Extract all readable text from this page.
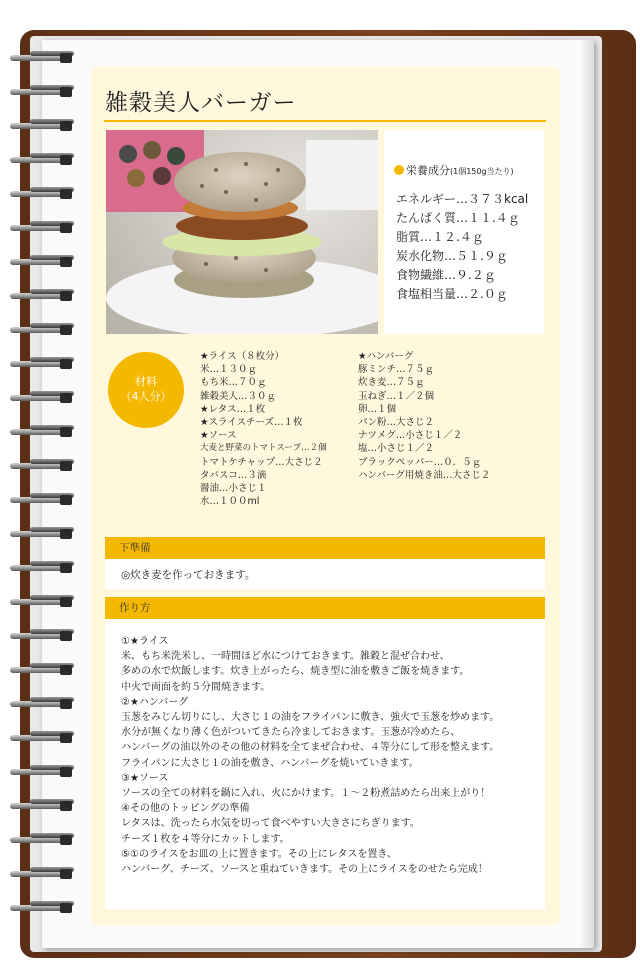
雑穀美人バーガー
栄養成分(1個150g当たり)
エネルギー…３７３kcal
たんぱく質…１１.４ｇ
脂質…１２.４ｇ
炭水化物…５１.９ｇ
食物繊維…９.２ｇ
食塩相当量…２.０ｇ
材料
（4人分）
★ライス（８枚分）
米…１３０ｇ
もち米…７０ｇ
雑穀美人…３０ｇ
★レタス…１枚
★スライスチーズ…１枚
★ソース
大麦と野菜のトマトスープ…２個
トマトケチャップ…大さじ２
タバスコ…３滴
醤油…小さじ１
水…１００ml
★ハンバーグ
豚ミンチ…７５ｇ
炊き麦…７５ｇ
玉ねぎ…１／２個
卵…１個
パン粉…大さじ２
ナツメグ…小さじ１／２
塩…小さじ１／２
ブラックペッパー…０．５ｇ
ハンバーグ用焼き油…大さじ２
下準備
◎炊き麦を作っておきます。
作り方
①★ライス
米、もち米洗米し、一時間ほど水につけておきます。雑穀と混ぜ合わせ、
多めの水で炊飯します。炊き上がったら、焼き型に油を敷きご飯を焼きます。
中火で両面を約５分間焼きます。
②★ハンバーグ
玉葱をみじん切りにし、大さじ１の油をフライパンに敷き、強火で玉葱を炒めます。
水分が無くなり薄く色がついてきたら冷ましておきます。玉葱が冷めたら、
ハンバーグの油以外のその他の材料を全てまぜ合わせ、４等分にして形を整えます。
フライパンに大さじ１の油を敷き、ハンバーグを焼いていきます。
③★ソース
ソースの全ての材料を鍋に入れ、火にかけます。１〜２粉煮詰めたら出来上がり！
④その他のトッピングの準備
レタスは、洗ったら水気を切って食べやすい大きさにちぎります。
チーズ１枚を４等分にカットします。
⑤①のライスをお皿の上に置きます。その上にレタスを置き、
ハンバーグ、チーズ、ソースと重ねていきます。その上にライスをのせたら完成！
